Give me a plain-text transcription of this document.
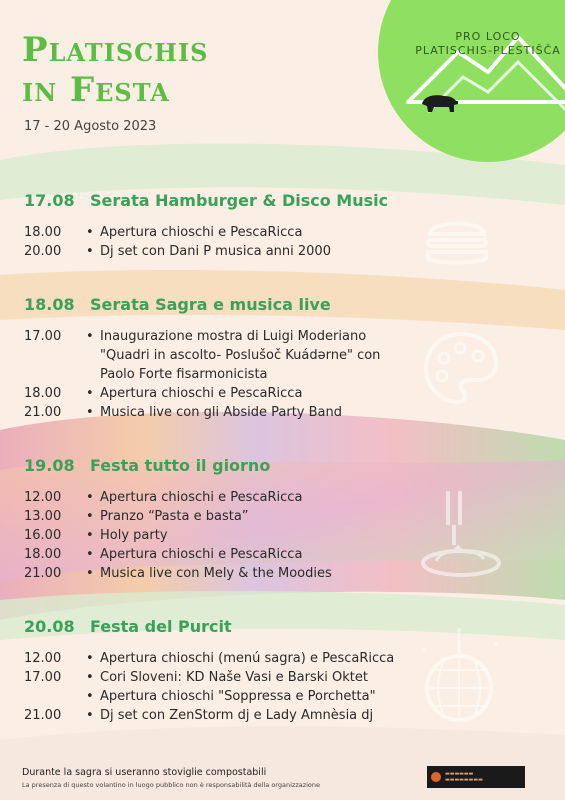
PRO LOCO
PLATISCHIS-PLESTIŠČA
Platischis
in Festa
17 - 20 Agosto 2023
17.08 Serata Hamburger & Disco Music
18.00	• Apertura chioschi e PescaRicca
20.00	• Dj set con Dani P musica anni 2000
18.08 Serata Sagra e musica live
17.00	• Inaugurazione mostra di Luigi Moderiano
"Quadri in ascolto- Poslušoč Kuádərne" con
Paolo Forte fisarmonicista
18.00	• Apertura chioschi e PescaRicca
21.00	• Musica live con gli Abside Party Band
19.08 Festa tutto il giorno
12.00	• Apertura chioschi e PescaRicca
13.00	• Pranzo “Pasta e basta”
16.00	• Holy party
18.00	• Apertura chioschi e PescaRicca
21.00	• Musica live con Mely & the Moodies
20.08 Festa del Purcit
12.00	• Apertura chioschi (menú sagra) e PescaRicca
17.00	• Cori Sloveni: KD Naše Vasi e Barski Oktet
• Apertura chioschi "Soppressa e Porchetta"
21.00	• Dj set con ZenStorm dj e Lady Amnèsia dj
Durante la sagra si useranno stoviglie compostabili
La presenza di questo volantino in luogo pubblico non è responsabilità della organizzazione
▬▬▬▬▬▬
▬▬▬▬▬▬▬▬
